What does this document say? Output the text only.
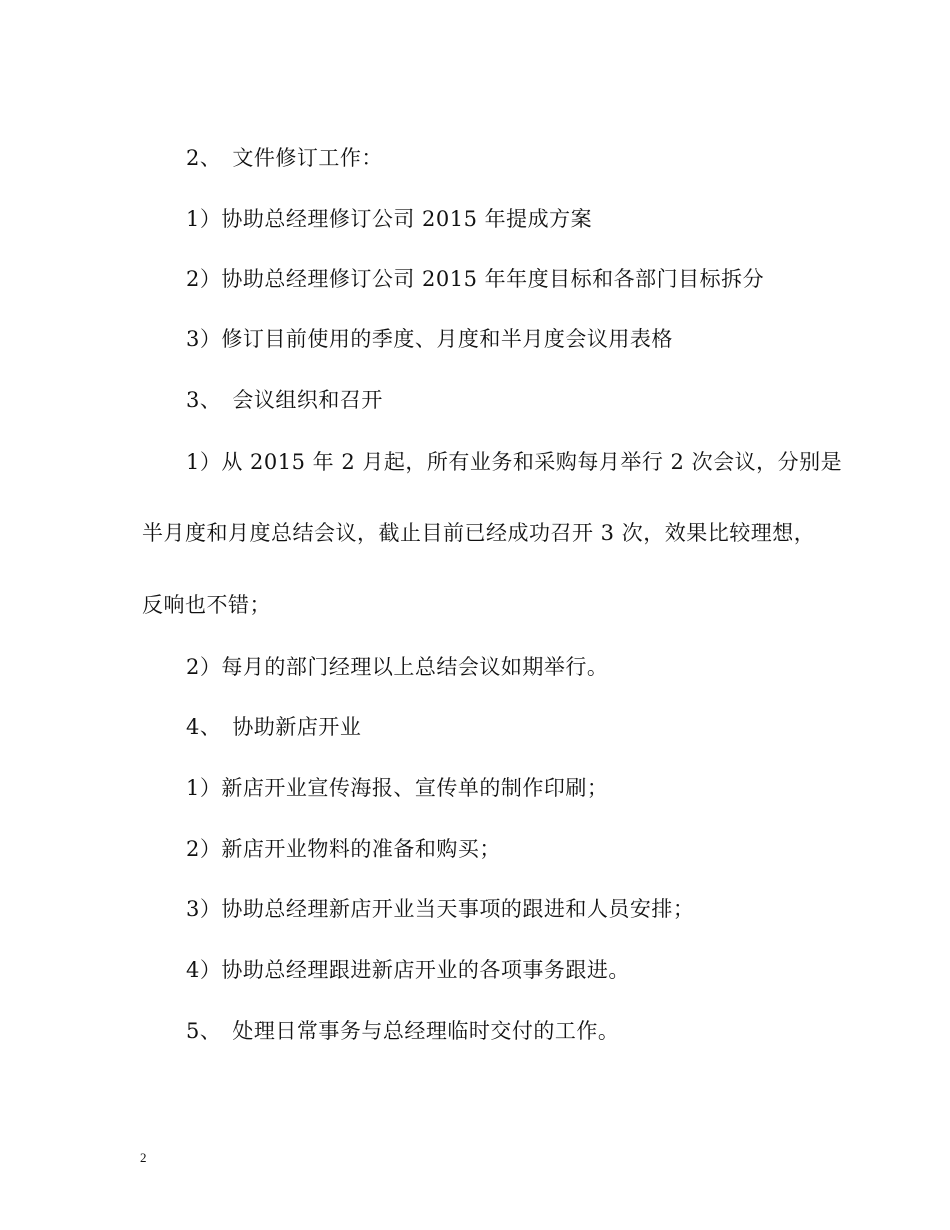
2、　文件修订工作：
1）协助总经理修订公司 2015 年提成方案
2）协助总经理修订公司 2015 年年度目标和各部门目标拆分
3）修订目前使用的季度、月度和半月度会议用表格
3、　会议组织和召开
1）从 2015 年 2 月起，所有业务和采购每月举行 2 次会议，分别是
半月度和月度总结会议，截止目前已经成功召开 3 次，效果比较理想，
反响也不错；
2）每月的部门经理以上总结会议如期举行。
4、　协助新店开业
1）新店开业宣传海报、宣传单的制作印刷；
2）新店开业物料的准备和购买；
3）协助总经理新店开业当天事项的跟进和人员安排；
4）协助总经理跟进新店开业的各项事务跟进。
5、　处理日常事务与总经理临时交付的工作。
2
